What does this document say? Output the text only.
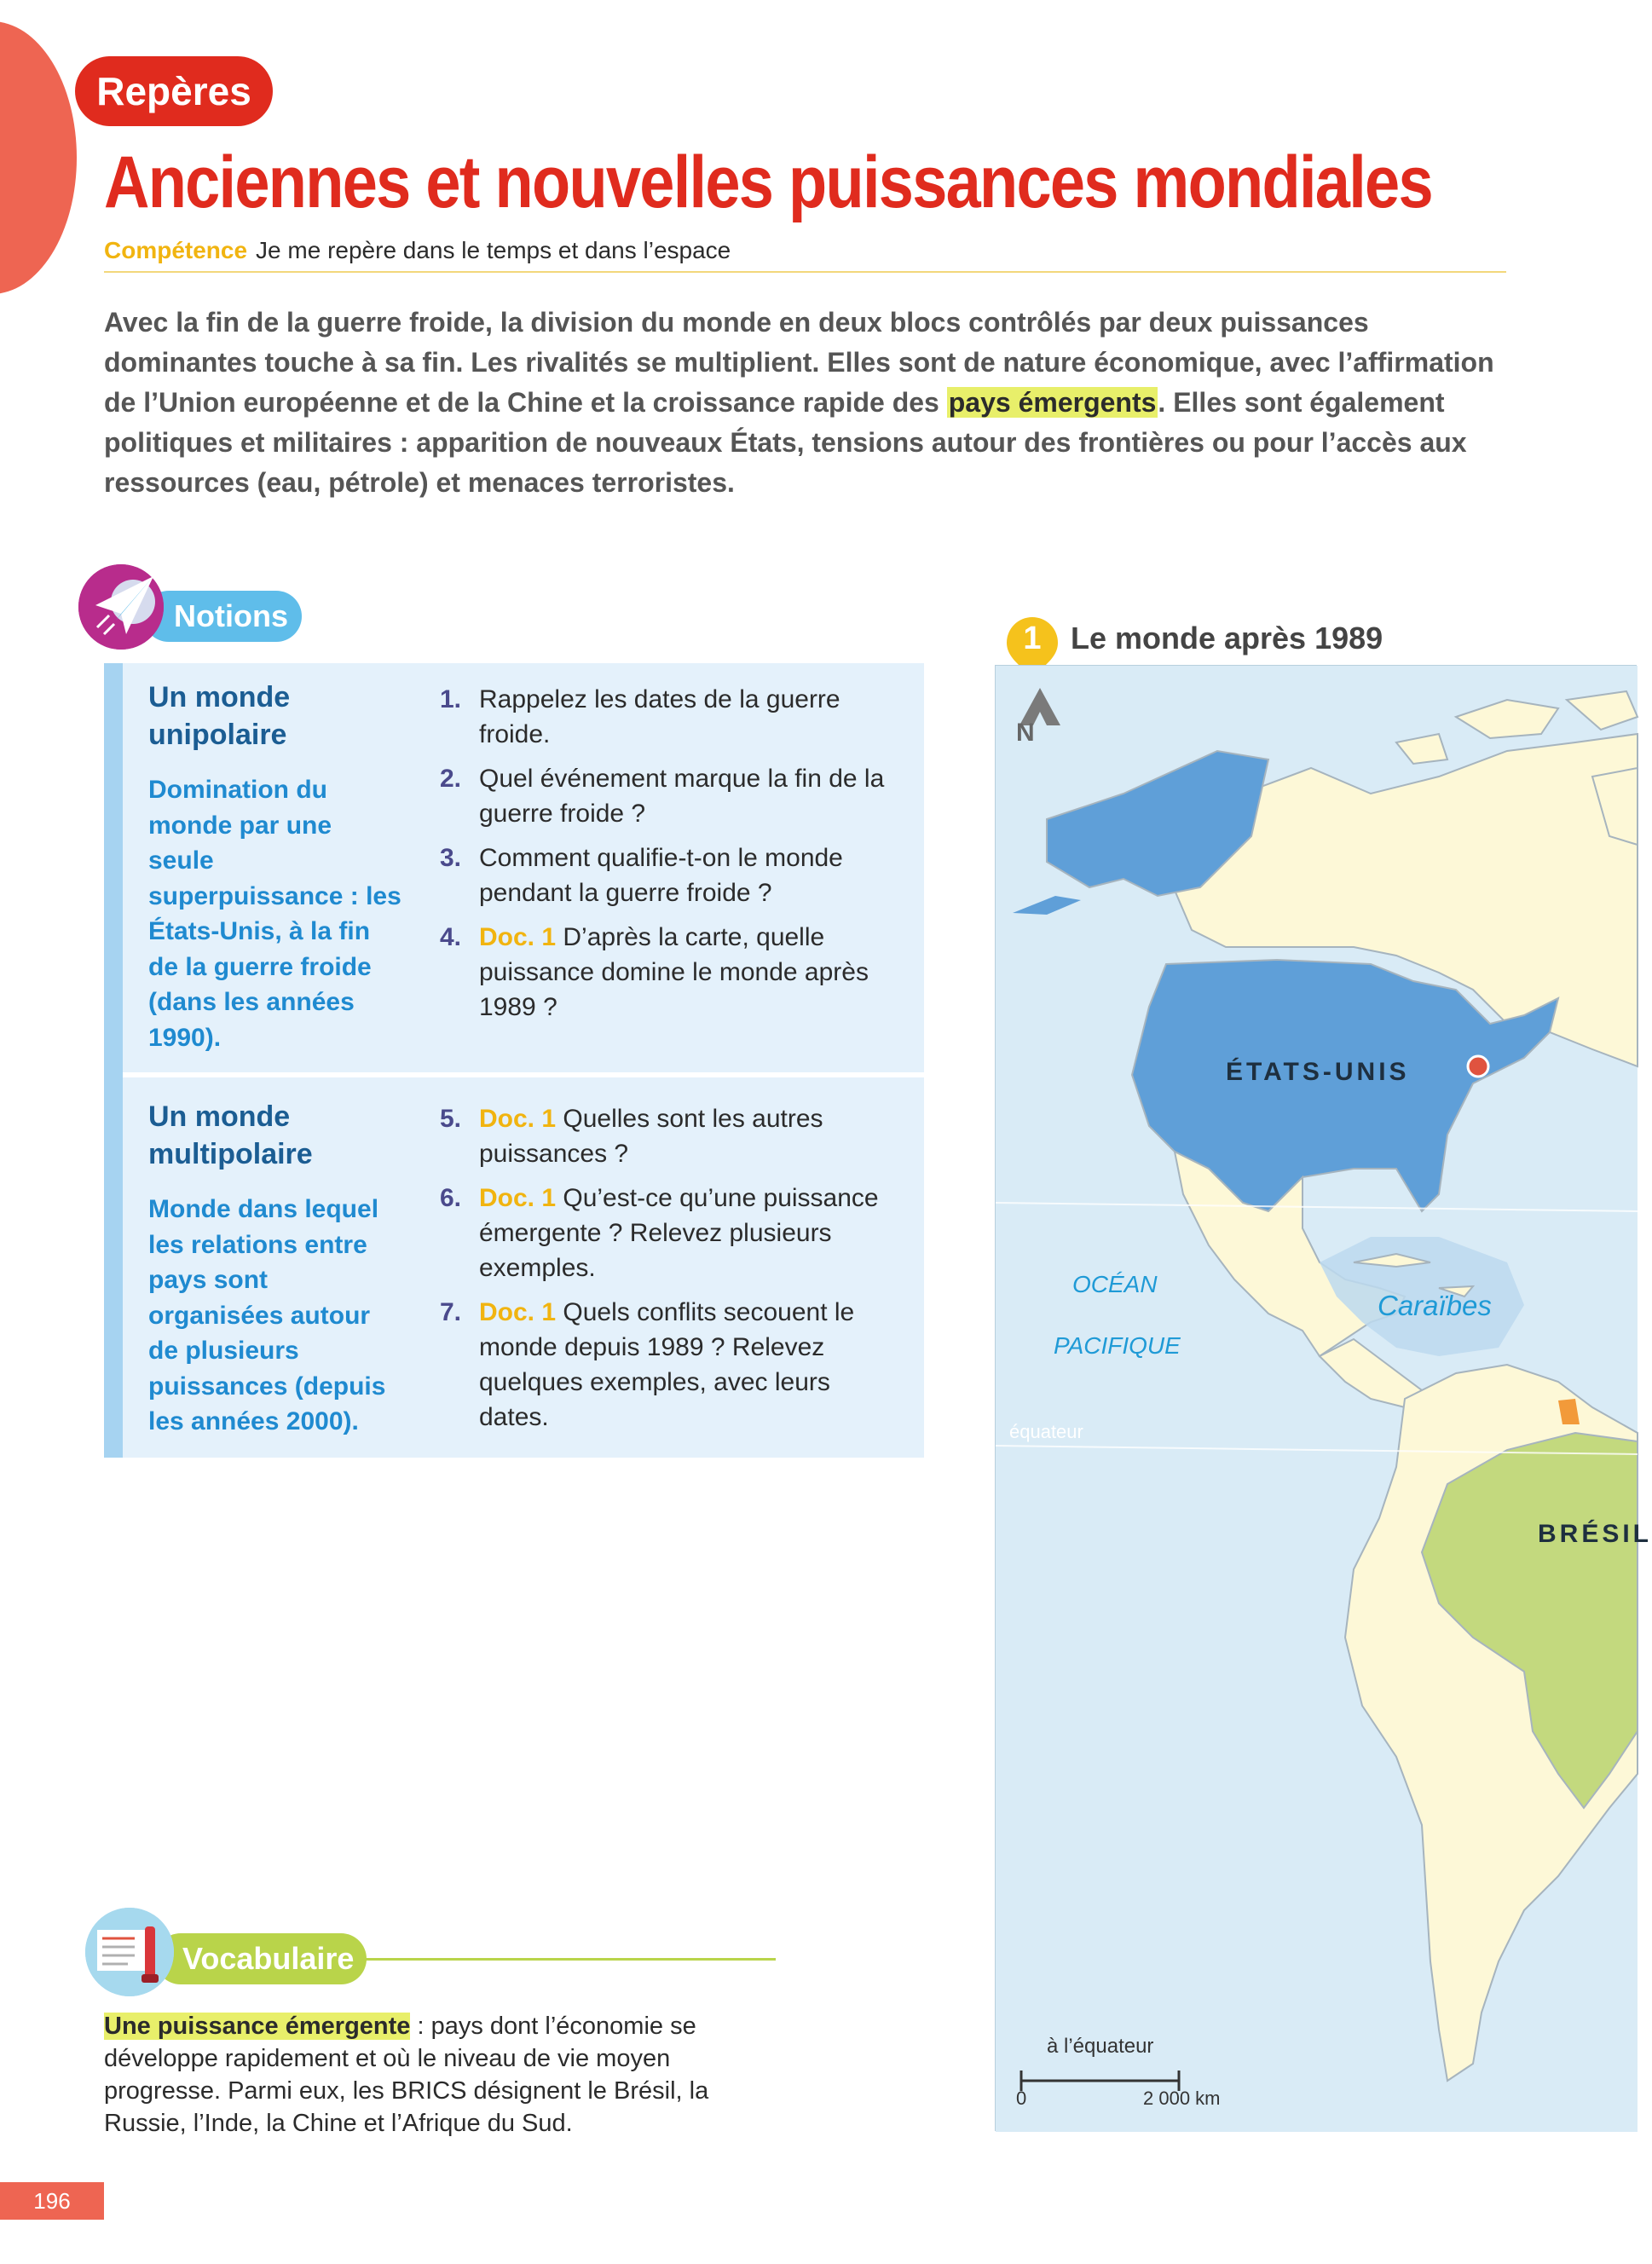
Repères
Anciennes et nouvelles puissances mondiales
Compétence Je me repère dans le temps et dans l’espace
Avec la fin de la guerre froide, la division du monde en deux blocs contrôlés par deux puissances dominantes touche à sa fin. Les rivalités se multiplient. Elles sont de nature économique, avec l’affirmation de l’Union européenne et de la Chine et la croissance rapide des pays émergents. Elles sont également politiques et militaires : apparition de nouveaux États, tensions autour des frontières ou pour l’accès aux ressources (eau, pétrole) et menaces terroristes.
Notions
Un monde unipolaire
Domination du monde par une seule superpuissance : les États-Unis, à la fin de la guerre froide (dans les années 1990).
Un monde multipolaire
Monde dans lequel les relations entre pays sont organisées autour de plusieurs puissances (depuis les années 2000).
1. Rappelez les dates de la guerre froide.
2. Quel événement marque la fin de la guerre froide ?
3. Comment qualifie-t-on le monde pendant la guerre froide ?
4. Doc. 1 D’après la carte, quelle puissance domine le monde après 1989 ?
5. Doc. 1 Quelles sont les autres puissances ?
6. Doc. 1 Qu’est-ce qu’une puissance émergente ? Relevez plusieurs exemples.
7. Doc. 1 Quels conflits secouent le monde depuis 1989 ? Relevez quelques exemples, avec leurs dates.
Vocabulaire
Une puissance émergente : pays dont l’économie se développe rapidement et où le niveau de vie moyen progresse. Parmi eux, les BRICS désignent le Brésil, la Russie, l’Inde, la Chine et l’Afrique du Sud.
1 Le monde après 1989
N
ÉTATS-UNIS
OCÉAN
PACIFIQUE
Caraïbes
équateur
BRÉSIL
à l’équateur
0	2 000 km
196
